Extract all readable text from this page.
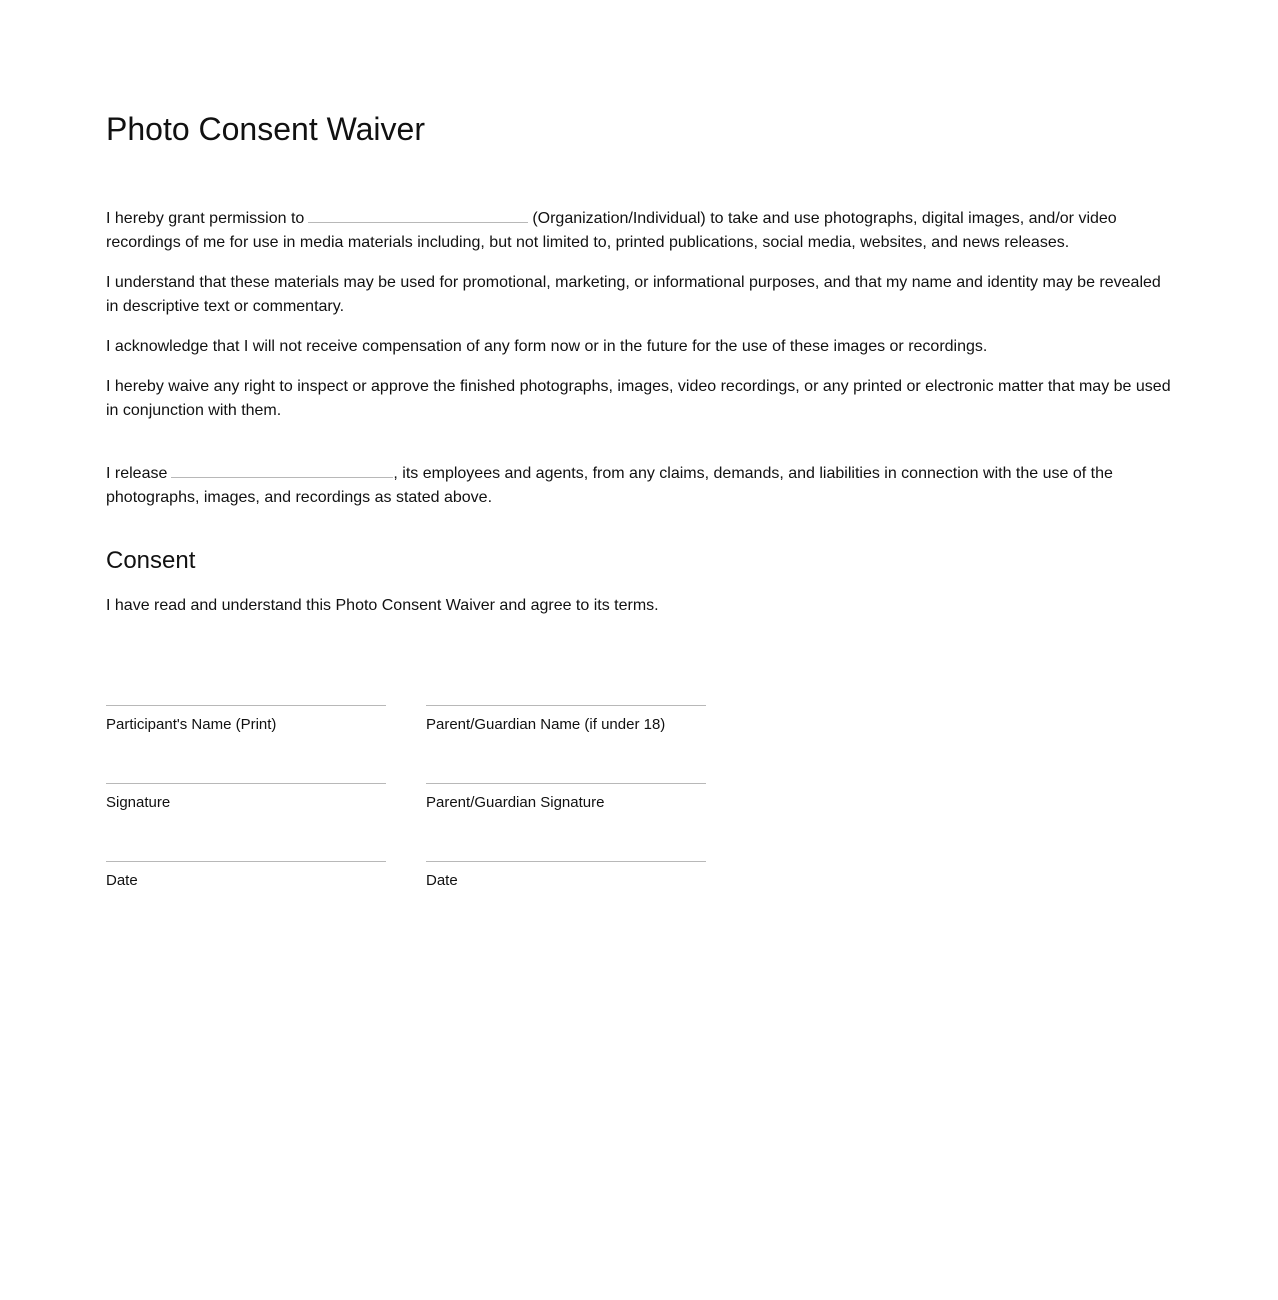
Photo Consent Waiver

I hereby grant permission to	(Organization/Individual) to take and use photographs, digital images, and/or video recordings of me for use in media materials including, but not limited to, printed publications, social media, websites, and news releases.

I understand that these materials may be used for promotional, marketing, or informational purposes, and that my name and identity may be revealed in descriptive text or commentary.

I acknowledge that I will not receive compensation of any form now or in the future for the use of these images or recordings.

I hereby waive any right to inspect or approve the finished photographs, images, video recordings, or any printed or electronic matter that may be used in conjunction with them.

I release	, its employees and agents, from any claims, demands, and liabilities in connection with the use of the photographs, images, and recordings as stated above.

Consent

I have read and understand this Photo Consent Waiver and agree to its terms.

Participant's Name (Print)	Parent/Guardian Name (if under 18)
Signature	Parent/Guardian Signature
Date	Date
